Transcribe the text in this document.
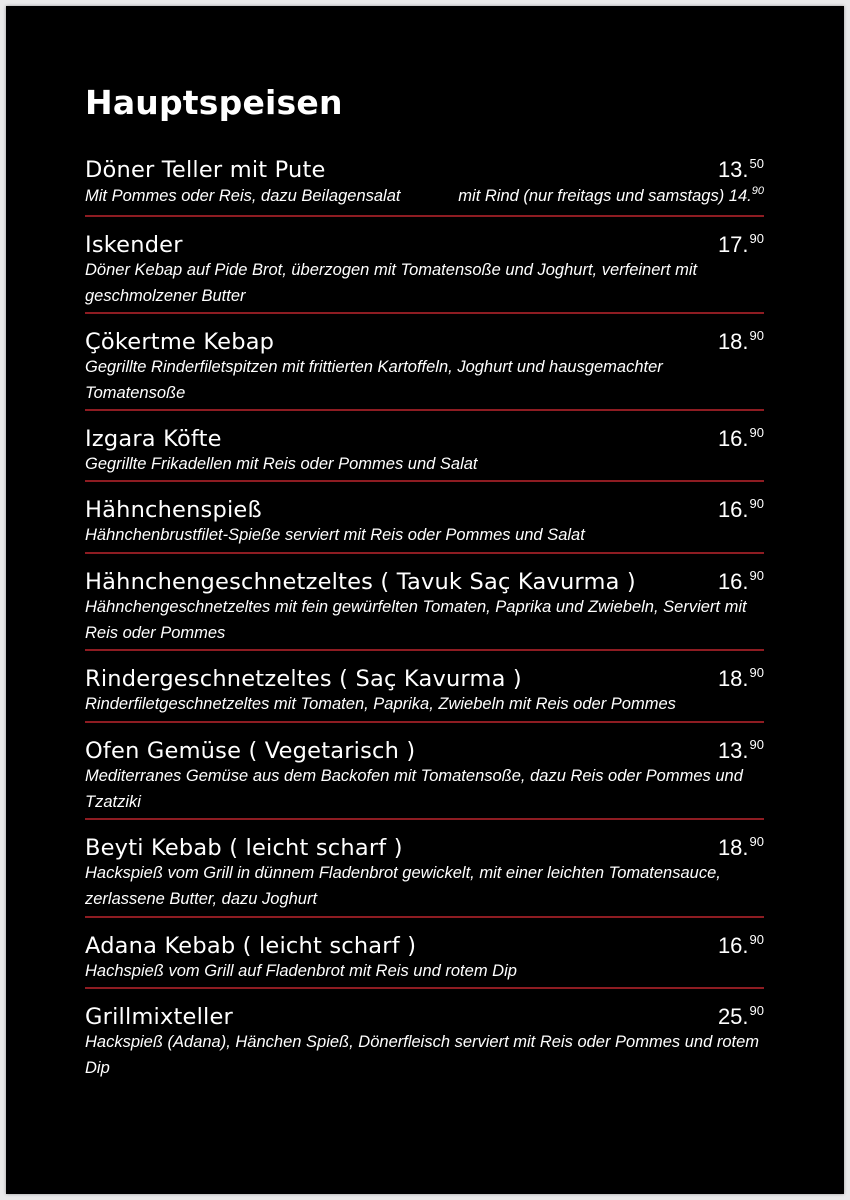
Hauptspeisen
Döner Teller mit Pute	13.50
Mit Pommes oder Reis, dazu Beilagensalat	mit Rind (nur freitags und samstags) 14.90
Iskender	17.90
Döner Kebap auf Pide Brot, überzogen mit Tomatensoße und Joghurt, verfeinert mit geschmolzener Butter
Çökertme Kebap	18.90
Gegrillte Rinderfiletspitzen mit frittierten Kartoffeln, Joghurt und hausgemachter Tomatensoße
Izgara Köfte	16.90
Gegrillte Frikadellen mit Reis oder Pommes und Salat
Hähnchenspieß	16.90
Hähnchenbrustfilet-Spieße serviert mit Reis oder Pommes und Salat
Hähnchengeschnetzeltes ( Tavuk Saç Kavurma )	16.90
Hähnchengeschnetzeltes mit fein gewürfelten Tomaten, Paprika und Zwiebeln, Serviert mit Reis oder Pommes
Rindergeschnetzeltes ( Saç Kavurma )	18.90
Rinderfiletgeschnetzeltes mit Tomaten, Paprika, Zwiebeln mit Reis oder Pommes
Ofen Gemüse ( Vegetarisch )	13.90
Mediterranes Gemüse aus dem Backofen mit Tomatensoße, dazu Reis oder Pommes und Tzatziki
Beyti Kebab ( leicht scharf )	18.90
Hackspieß vom Grill in dünnem Fladenbrot gewickelt, mit einer leichten Tomatensauce, zerlassene Butter, dazu Joghurt
Adana Kebab ( leicht scharf )	16.90
Hachspieß vom Grill auf Fladenbrot mit Reis und rotem Dip
Grillmixteller	25.90
Hackspieß (Adana), Hänchen Spieß, Dönerfleisch serviert mit Reis oder Pommes und rotem Dip
